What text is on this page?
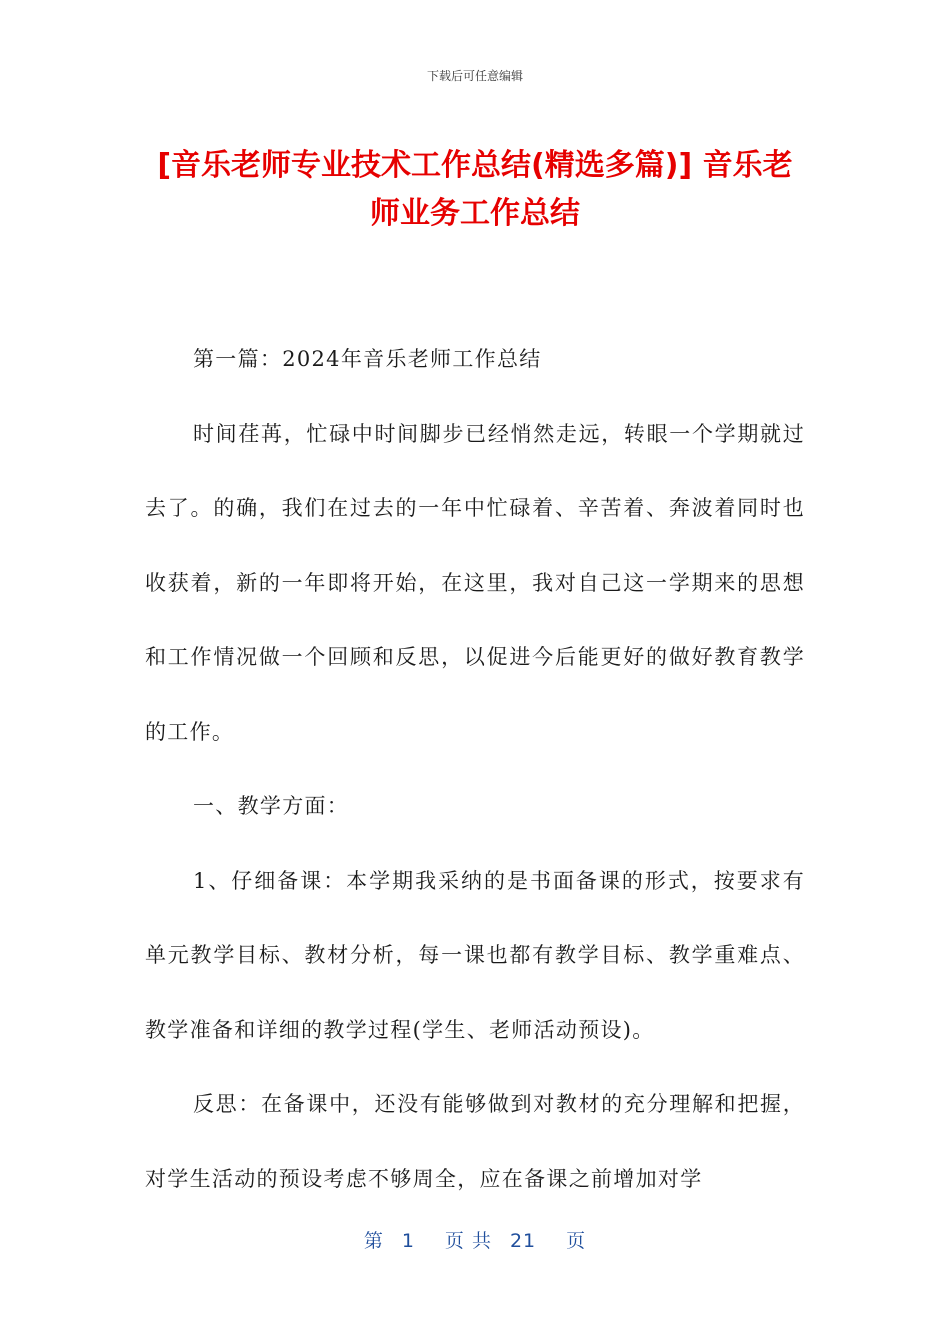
下载后可任意编辑
[音乐老师专业技术工作总结(精选多篇)] 音乐老师业务工作总结

第一篇：2024年音乐老师工作总结

时间荏苒，忙碌中时间脚步已经悄然走远，转眼一个学期就过去了。的确，我们在过去的一年中忙碌着、辛苦着、奔波着同时也收获着，新的一年即将开始，在这里，我对自己这一学期来的思想和工作情况做一个回顾和反思，以促进今后能更好的做好教育教学的工作。

一、教学方面：

1、仔细备课：本学期我采纳的是书面备课的形式，按要求有单元教学目标、教材分析，每一课也都有教学目标、教学重难点、教学准备和详细的教学过程(学生、老师活动预设)。

反思：在备课中，还没有能够做到对教材的充分理解和把握，对学生活动的预设考虑不够周全，应在备课之前增加对学

第 1 页 共 21 页
